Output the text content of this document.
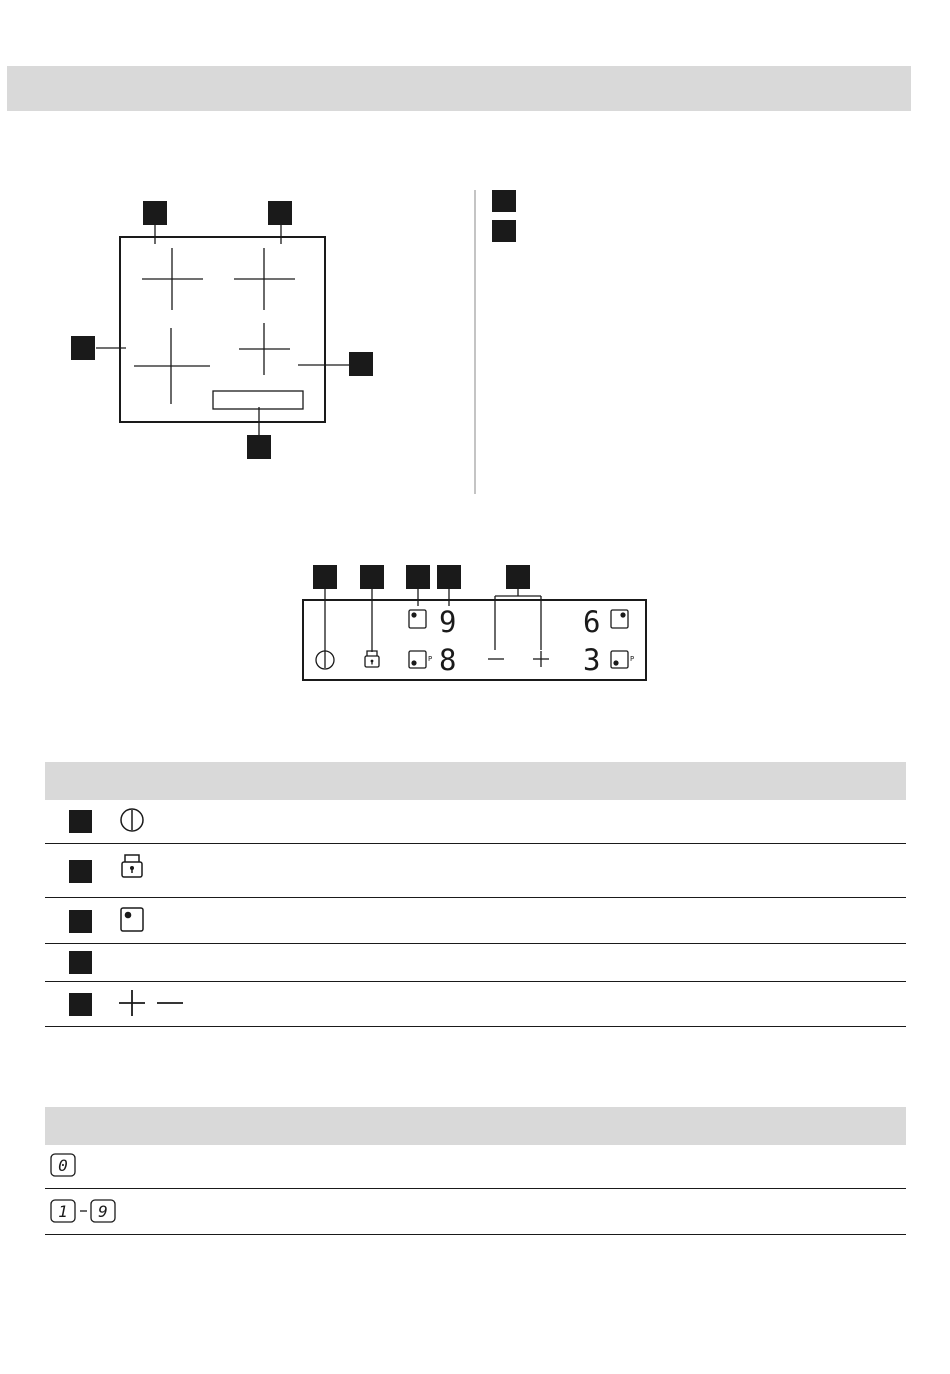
P
9
8
6
3	P
0
1 9
